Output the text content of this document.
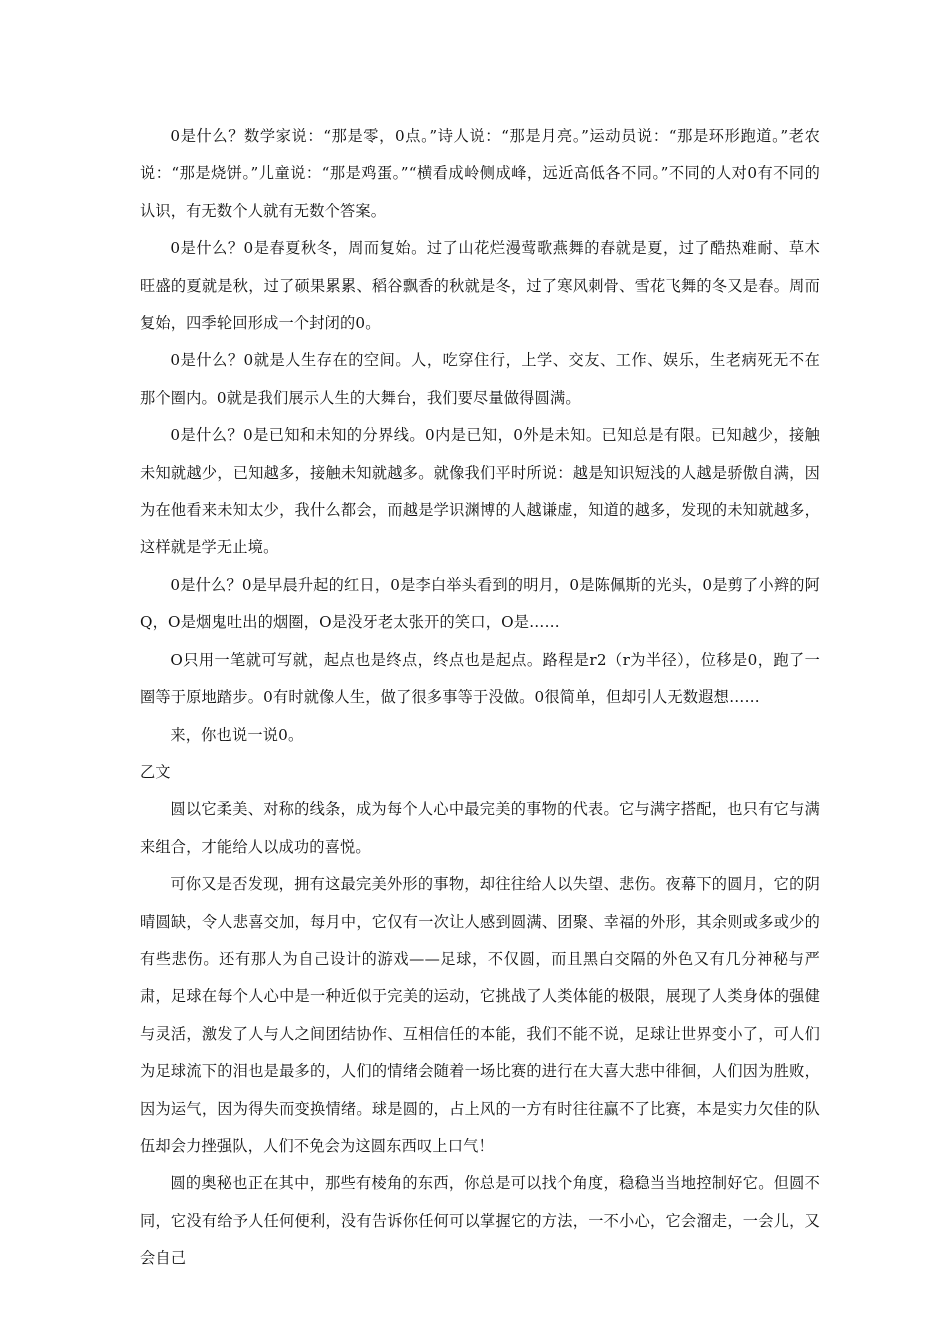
0是什么？数学家说：“那是零，0点。”诗人说：“那是月亮。”运动员说：“那是环形跑道。”老农说：“那是烧饼。”儿童说：“那是鸡蛋。”“横看成岭侧成峰，远近高低各不同。”不同的人对0有不同的认识，有无数个人就有无数个答案。

0是什么？0是春夏秋冬，周而复始。过了山花烂漫莺歌燕舞的春就是夏，过了酷热难耐、草木旺盛的夏就是秋，过了硕果累累、稻谷飘香的秋就是冬，过了寒风刺骨、雪花飞舞的冬又是春。周而复始，四季轮回形成一个封闭的0。

0是什么？0就是人生存在的空间。人，吃穿住行，上学、交友、工作、娱乐，生老病死无不在那个圈内。0就是我们展示人生的大舞台，我们要尽量做得圆满。

0是什么？0是已知和未知的分界线。0内是已知，0外是未知。已知总是有限。已知越少，接触未知就越少，已知越多，接触未知就越多。就像我们平时所说：越是知识短浅的人越是骄傲自满，因为在他看来未知太少，我什么都会，而越是学识渊博的人越谦虚，知道的越多，发现的未知就越多，这样就是学无止境。

0是什么？0是早晨升起的红日，0是李白举头看到的明月，0是陈佩斯的光头，0是剪了小辫的阿Q，O是烟鬼吐出的烟圈，O是没牙老太张开的笑口，O是……

O只用一笔就可写就，起点也是终点，终点也是起点。路程是r2（r为半径），位移是0，跑了一圈等于原地踏步。0有时就像人生，做了很多事等于没做。0很简单，但却引人无数遐想……

来，你也说一说0。

乙文

圆以它柔美、对称的线条，成为每个人心中最完美的事物的代表。它与满字搭配，也只有它与满来组合，才能给人以成功的喜悦。

可你又是否发现，拥有这最完美外形的事物，却往往给人以失望、悲伤。夜幕下的圆月，它的阴晴圆缺，令人悲喜交加，每月中，它仅有一次让人感到圆满、团聚、幸福的外形，其余则或多或少的有些悲伤。还有那人为自己设计的游戏——足球，不仅圆，而且黑白交隔的外色又有几分神秘与严肃，足球在每个人心中是一种近似于完美的运动，它挑战了人类体能的极限，展现了人类身体的强健与灵活，激发了人与人之间团结协作、互相信任的本能，我们不能不说，足球让世界变小了，可人们为足球流下的泪也是最多的，人们的情绪会随着一场比赛的进行在大喜大悲中徘徊，人们因为胜败，因为运气，因为得失而变换情绪。球是圆的，占上风的一方有时往往赢不了比赛，本是实力欠佳的队伍却会力挫强队，人们不免会为这圆东西叹上口气！

圆的奥秘也正在其中，那些有棱角的东西，你总是可以找个角度，稳稳当当地控制好它。但圆不同，它没有给予人任何便利，没有告诉你任何可以掌握它的方法，一不小心，它会溜走，一会儿，又会自己
